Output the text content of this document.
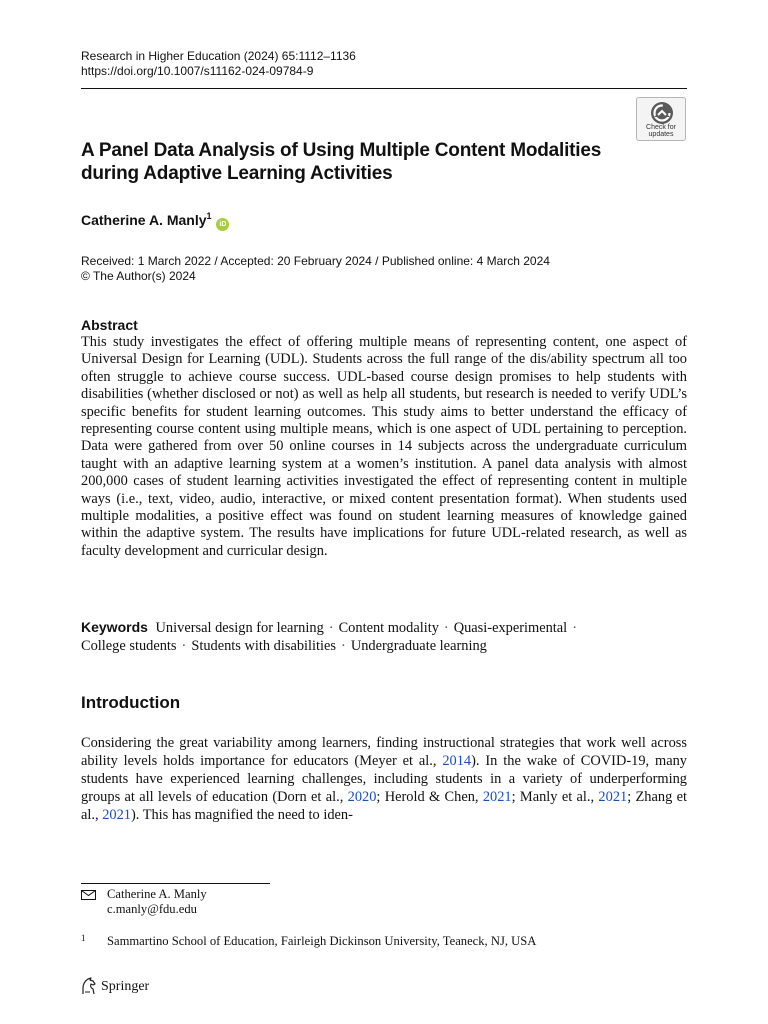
Research in Higher Education (2024) 65:1112–1136
https://doi.org/10.1007/s11162-024-09784-9
Check for
updates
A Panel Data Analysis of Using Multiple Content Modalities during Adaptive Learning Activities
Catherine A. Manly$^1$ iD
Received: 1 March 2022 / Accepted: 20 February 2024 / Published online: 4 March 2024
© The Author(s) 2024
Abstract
This study investigates the effect of offering multiple means of representing content, one aspect of Universal Design for Learning (UDL). Students across the full range of the dis/ability spectrum all too often struggle to achieve course success. UDL-based course design promises to help students with disabilities (whether disclosed or not) as well as help all students, but research is needed to verify UDL’s specific benefits for student learning outcomes. This study aims to better understand the efficacy of representing course content using multiple means, which is one aspect of UDL pertaining to perception. Data were gathered from over 50 online courses in 14 subjects across the undergraduate curriculum taught with an adaptive learning system at a women’s institution. A panel data analysis with almost 200,000 cases of student learning activities investigated the effect of representing content in multiple ways (i.e., text, video, audio, interactive, or mixed content presentation format). When students used multiple modalities, a positive effect was found on student learning measures of knowledge gained within the adaptive system. The results have implications for future UDL-related research, as well as faculty development and curricular design.
Keywords Universal design for learning · Content modality · Quasi-experimental ·
College students · Students with disabilities · Undergraduate learning
Introduction
Considering the great variability among learners, finding instructional strategies that work well across ability levels holds importance for educators (Meyer et al., 2014). In the wake of COVID-19, many students have experienced learning challenges, including students in a variety of underperforming groups at all levels of education (Dorn et al., 2020; Herold & Chen, 2021; Manly et al., 2021; Zhang et al., 2021). This has magnified the need to iden-
Catherine A. Manly
c.manly@fdu.edu
1 Sammartino School of Education, Fairleigh Dickinson University, Teaneck, NJ, USA
Springer
